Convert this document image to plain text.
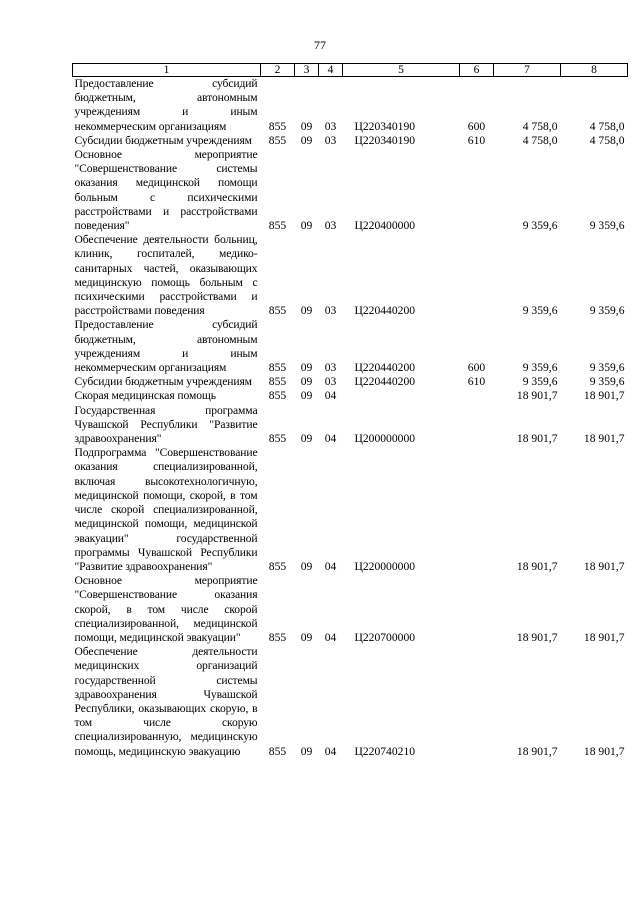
77
1	2	3	4	5	6	7	8
Предоставление субсидий бюджетным, автономным учреждениям и иным некоммерческим организациям	855	09	03	Ц220340190	600	4 758,0	4 758,0
Субсидии бюджетным учреждениям	855	09	03	Ц220340190	610	4 758,0	4 758,0
Основное мероприятие "Совершенствование системы оказания медицинской помощи больным с психическими расстройствами и расстройствами поведения"	855	09	03	Ц220400000		9 359,6	9 359,6
Обеспечение деятельности больниц, клиник, госпиталей, медико-санитарных частей, оказывающих медицинскую помощь больным с психическими расстройствами и расстройствами поведения	855	09	03	Ц220440200		9 359,6	9 359,6
Предоставление субсидий бюджетным, автономным учреждениям и иным некоммерческим организациям	855	09	03	Ц220440200	600	9 359,6	9 359,6
Субсидии бюджетным учреждениям	855	09	03	Ц220440200	610	9 359,6	9 359,6
Скорая медицинская помощь	855	09	04			18 901,7	18 901,7
Государственная программа Чувашской Республики "Развитие здравоохранения"	855	09	04	Ц200000000		18 901,7	18 901,7
Подпрограмма "Совершенствование оказания специализированной, включая высокотехнологичную, медицинской помощи, скорой, в том числе скорой специализированной, медицинской помощи, медицинской эвакуации" государственной программы Чувашской Республики "Развитие здравоохранения"	855	09	04	Ц220000000		18 901,7	18 901,7
Основное мероприятие "Совершенствование оказания скорой, в том числе скорой специализированной, медицинской помощи, медицинской эвакуации"	855	09	04	Ц220700000		18 901,7	18 901,7
Обеспечение деятельности медицинских организаций государственной системы здравоохранения Чувашской Республики, оказывающих скорую, в том числе скорую специализированную, медицинскую помощь, медицинскую эвакуацию	855	09	04	Ц220740210		18 901,7	18 901,7
